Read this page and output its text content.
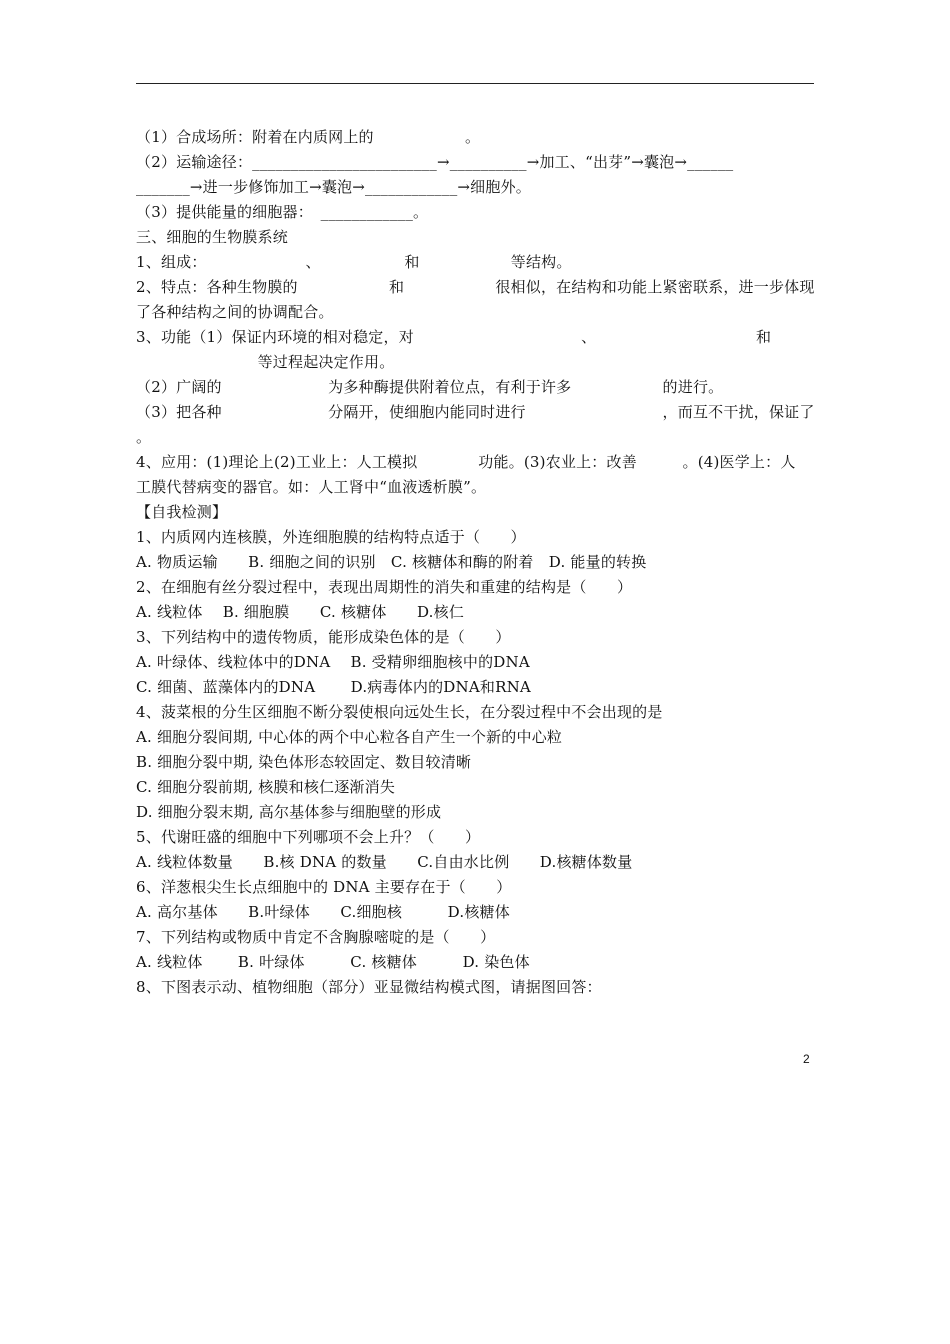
（1）合成场所：附着在内质网上的　　　　　　。
（2）运输途径：________________________→__________→加工、“出芽”→囊泡→______
_______→进一步修饰加工→囊泡→____________→细胞外。
（3）提供能量的细胞器：　____________。
三、细胞的生物膜系统
1、组成：　　　　　　　、　　　　　　和　　　　　　等结构。
2、特点：各种生物膜的　　　　　　和　　　　　　很相似，在结构和功能上紧密联系，进一步体现
了各种结构之间的协调配合。
3、功能（1）保证内环境的相对稳定，对　　　　　　　　　　　、　　　　　　　　　　　和
　　　　　　　　等过程起决定作用。
（2）广阔的　　　　　　　为多种酶提供附着位点，有利于许多　　　　　　的进行。
（3）把各种　　　　　　　分隔开，使细胞内能同时进行　　　　　　　　　，而互不干扰，保证了
。
4、应用：(1)理论上(2)工业上：人工模拟　　　　功能。(3)农业上：改善　　　。(4)医学上：人
工膜代替病变的器官。如：人工肾中“血液透析膜”。
【自我检测】
1、内质网内连核膜，外连细胞膜的结构特点适于（　　）
A. 物质运输　　B. 细胞之间的识别　C. 核糖体和酶的附着　D. 能量的转换
2、在细胞有丝分裂过程中，表现出周期性的消失和重建的结构是（　　）
A. 线粒体　 B. 细胞膜　　C. 核糖体　　D.核仁
3、下列结构中的遗传物质，能形成染色体的是（　　）
A. 叶绿体、线粒体中的DNA　 B. 受精卵细胞核中的DNA
C. 细菌、蓝藻体内的DNA　　 D.病毒体内的DNA和RNA
4、菠菜根的分生区细胞不断分裂使根向远处生长，在分裂过程中不会出现的是
A. 细胞分裂间期, 中心体的两个中心粒各自产生一个新的中心粒
B. 细胞分裂中期, 染色体形态较固定、数目较清晰
C. 细胞分裂前期, 核膜和核仁逐渐消失
D. 细胞分裂末期, 高尔基体参与细胞壁的形成
5、代谢旺盛的细胞中下列哪项不会上升？（　　）
A. 线粒体数量　　B.核 DNA 的数量　　C.自由水比例　　D.核糖体数量
6、洋葱根尖生长点细胞中的 DNA 主要存在于（　　）
A. 高尔基体　　B.叶绿体　　C.细胞核　　　D.核糖体
7、下列结构或物质中肯定不含胸腺嘧啶的是（　　）
A. 线粒体　　 B. 叶绿体　　　C. 核糖体　　　D. 染色体
8、下图表示动、植物细胞（部分）亚显微结构模式图，请据图回答：
2
